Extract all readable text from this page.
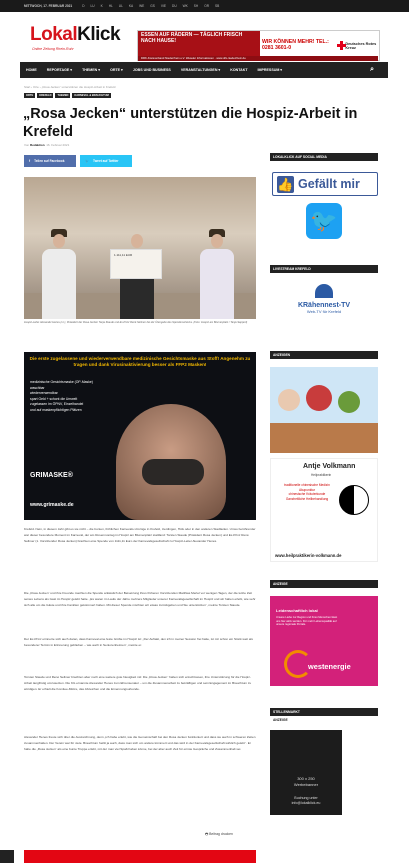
MITTWOCH, 17. FEBRUAR 2021	D LU K HL UL KA WE GS VIE DU WK SH OR SB
LokalKlick
Online Zeitung Rhein-Ruhr
ESSEN AUF RÄDERN — TÄGLICH FRISCH NACH HAUSE!	WIR KÖNNEN MEHR! TEL.: 0281 3601-0
Deutsches Rotes Kreuz
DRK-Kreisverband Niederrhein e.V. Weseler Informationen · www.drk-niederrhein.de
HOME	REPORTAGE ▾	THEMEN ▾	ORTE ▾	JOBS UND BUSINESS	VERANSTALTUNGEN ▾	KONTAKT	IMPRESSUM ▾	⌕
Start › Orte › „Rosa Jecken“ unterstützen die Hospiz-Arbeit in Krefeld
ORTE	KREFELD	THEMEN	KARNEVAL & BRAUCHTUM
„Rosa Jecken“ unterstützen die Hospiz-Arbeit in Krefeld
Von Redaktion 16. Februar 2021
f Teilen auf Facebook	🐦 Tweet auf Twitter
1.111,11 EUR
Hospiz-Leiter Alexander Henes (v.l.), Präsident der Rosa Jecken Tanja Staude und Ex-Prinz René Sellmer bei der Übergabe des Spendenschecks. (Foto: Hospiz am Blumenplatz / Tanja Sappert)
Die erste zugelassene und wiederverwendbare medizinische Gesichtsmaske aus Stoff! Angenehm zu tragen und dank Virusinaktivierung besser als FFP2 Masken!
medizinische Gesichtsmaske (OP-Maske)
waschbar
wiederverwendbar
spart Geld + schont die Umwelt
zugelassen im ÖPNV, Einzelhandel
und auf maskenpflichtigen Plätzen
GRIMASKE®
www.grimaske.de

Krefeld. Nein, in diesem Jahr gibt es sie nicht – die bunten, fröhlichen Karnevals-Umzüge in Krefeld, Uerdingen, Hüls oder in den anderen Stadtteilen. Umso berührender war dieser besondere Moment im Karneval, der am Rosenmontag im Hospiz am Blumenplatz stattfand: Torsten Staude (Präsident Rosa Jecken) und Ex-Prinz René Sellmer (1. Vorsitzender Rosa Jecken) brachten eine Spende von 1111,11 Euro der Karnevalsgesellschaft zu Hospiz-Leiter Alexander Henes.

Die „Rosa Jecken“ und ihre Freunde machten die Spende anlässlich der Beisetzung ihres früheren Vorsitzenden Matthias Mertel vor wenigen Tagen, der die letzte Zeit seines Lebens als Gast im Hospiz gelebt hatte. „Es waren im Laufe der Jahre mehrere Mitglieder unserer Karnevalsgesellschaft im Hospiz und wir haben erlebt, wie sehr sich alle um die Gäste und ihre Familien gekümmert haben. Mit dieser Spende möchten wir etwas zurückgeben und Sie unterstützen“, meinte Torsten Staude.

Der Ex-Prinz erinnerte sich auch daran, dass Karneval eine feste Größe im Hospiz ist: „Der Auftakt, den ich in meiner Session frei hatte, ist mir schon ein Stück weit als besonderer Termin in Erinnerung geblieben – wie auch in Seniorenheimen“, meinte er.

Torsten Staude und René Sellmer brachten aber noch eine weitere gute Neuigkeit mit: Die „Rosa Jecken“ haben sich entschlossen, ihre Unterstützung für die Hospiz-Arbeit langfristig umzusetzen. Die KG ernannte Alexander Henes zum Ehrensenator – um die Zusammenarbeit zu bekräftigen und sein Engagement im Brauchtum zu würdigen. Er erhielt die Komitee-Mütze, das Abzeichen und die Ernennungsurkunde.

Alexander Henes freute sich über die Auszeichnung, denn „ich habe erlebt, wie die Gemeinschaft bei den Rosa Jecken funktioniert und dass sie auch in schweren Zeiten zusammenhalten. Der Verein war für viele. Brauchtum heißt ja auch, dass man sich um andere kümmert und das wird in der Karnevalsgesellschaft wirklich gelebt“. Er habe die „Rosa Jecken“ als eine bunte Truppe erlebt, mit der man viel Spaß haben könne, bei der aber auch Zeit für ernste Gespräche und Zusammenhalt sei.

🖶 Beitrag drucken
LOKALKLICK AUF SOCIAL MEDIA
👍 Gefällt mir
🐦
LIVESTREAM KREFELD
KRähennest-TV
Web-TV für Krefeld
ANZEIGEN
Antje Volkmann
Heilpraktikerin
traditionelle chinesische Medizin
Akupunktur
chinesische Kräuterkunde
Ganzheitliche Heilbehandlung
www.heilpraktikerin-volkmann.de
ANZEIGE
Leidenschaftlich lokal
Unsere Liebe zur Region und ihren Menschen lässt uns hier aktiv werden. Für mehr Lebensqualität auf unsere regionale Portale.
westenergie
STELLENMARKT
ANZEIGE
300 x 250
Werbebanner
Buchung unter
info@lokalklick.eu
